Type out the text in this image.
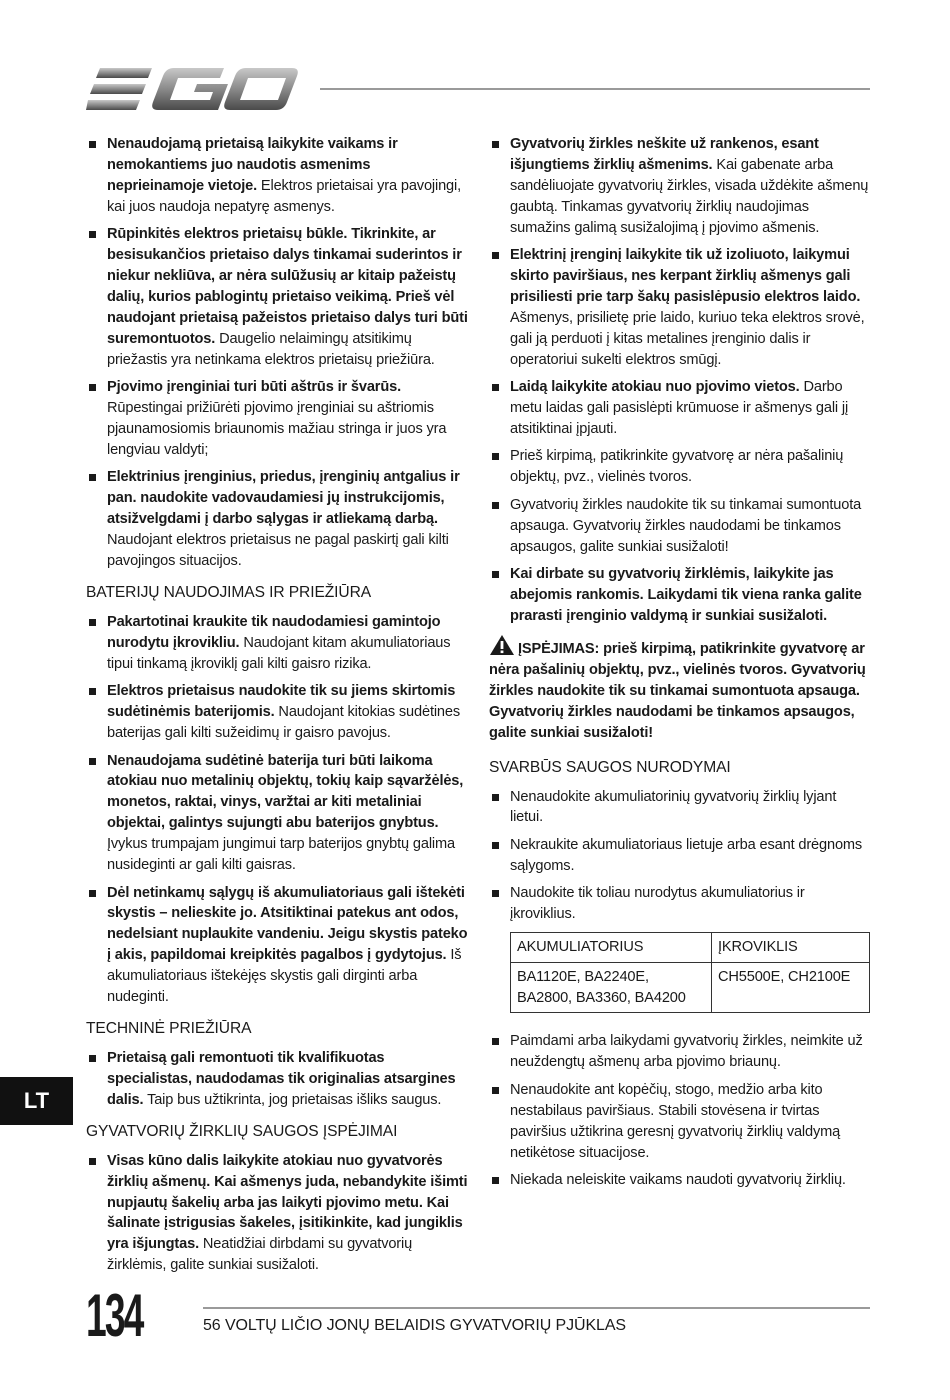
Nenaudojamą prietaisą laikykite vaikams ir nemokantiems juo naudotis asmenims neprieinamoje vietoje. Elektros prietaisai yra pavojingi, kai juos naudoja nepatyrę asmenys.
Rūpinkitės elektros prietaisų būkle. Tikrinkite, ar besisukančios prietaiso dalys tinkamai suderintos ir niekur neklіūva, ar nėra sulūžusių ar kitaip pažeistų dalių, kurios pablogintų prietaiso veikimą. Prieš vėl naudojant prietaisą pažeistos prietaiso dalys turi būti suremontuotos. Daugelio nelaimingų atsitikimų priežastis yra netinkama elektros prietaisų priežiūra.
Pjovimo įrenginiai turi būti aštrūs ir švarūs. Rūpestingai prižiūrėti pjovimo įrenginiai su aštriomis pjaunamosiomis briaunomis mažiau stringa ir juos yra lengviau valdyti;
Elektrinius įrenginius, priedus, įrenginių antgalius ir pan. naudokite vadovaudamiesi jų instrukcijomis, atsižvelgdami į darbo sąlygas ir atliekamą darbą. Naudojant elektros prietaisus ne pagal paskirtį gali kilti pavojingos situacijos.
BATERIJŲ NAUDOJIMAS IR PRIEŽIŪRA
Pakartotinai kraukite tik naudodamiesi gamintojo nurodytu įkrovikliu. Naudojant kitam akumuliatoriaus tipui tinkamą įkroviklį gali kilti gaisro rizika.
Elektros prietaisus naudokite tik su jiems skirtomis sudėtinėmis baterijomis. Naudojant kitokias sudėtines baterijas gali kilti sužeidimų ir gaisro pavojus.
Nenaudojama sudėtinė baterija turi būti laikoma atokiau nuo metalinių objektų, tokių kaip sąvaržėlės, monetos, raktai, vinys, varžtai ar kiti metaliniai objektai, galintys sujungti abu baterijos gnybtus. Įvykus trumpajam jungimui tarp baterijos gnybtų galima nusideginti ar gali kilti gaisras.
Dėl netinkamų sąlygų iš akumuliatoriaus gali ištekėti skystis – nelieskite jo. Atsitiktinai patekus ant odos, nedelsiant nuplaukite vandeniu. Jeigu skystis pateko į akis, papildomai kreipkitės pagalbos į gydytojus. Iš akumuliatoriaus ištekėjęs skystis gali dirginti arba nudeginti.
TECHNINĖ PRIEŽIŪRA
Prietaisą gali remontuoti tik kvalifikuotas specialistas, naudodamas tik originalias atsargines dalis. Taip bus užtikrinta, jog prietaisas išliks saugus.
GYVATVORIŲ ŽIRKLIŲ SAUGOS ĮSPĖJIMAI
Visas kūno dalis laikykite atokiau nuo gyvatvorės žirklių ašmenų. Kai ašmenys juda, nebandykite išimti nupjautų šakelių arba jas laikyti pjovimo metu. Kai šalinate įstrigusias šakeles, įsitikinkite, kad jungiklis yra išjungtas. Neatidžiai dirbdami su gyvatvorių žirklėmis, galite sunkiai susižaloti.
Gyvatvorių žirkles neškite už rankenos, esant išjungtiems žirklių ašmenims. Kai gabenate arba sandėliuojate gyvatvorių žirkles, visada uždėkite ašmenų gaubtą. Tinkamas gyvatvorių žirklių naudojimas sumažins galimą susižalojimą į pjovimo ašmenis.
Elektrinį įrenginį laikykite tik už izoliuoto, laikymui skirto paviršiaus, nes kerpant žirklių ašmenys gali prisiliesti prie tarp šakų pasislėpusio elektros laido. Ašmenys, prisilietę prie laido, kuriuo teka elektros srovė, gali ją perduoti į kitas metalines įrenginio dalis ir operatoriui sukelti elektros smūgį.
Laidą laikykite atokiau nuo pjovimo vietos. Darbo metu laidas gali pasislėpti krūmuose ir ašmenys gali jį atsitiktinai įpjauti.
Prieš kirpimą, patikrinkite gyvatvorę ar nėra pašalinių objektų, pvz., vielinės tvoros.
Gyvatvorių žirkles naudokite tik su tinkamai sumontuota apsauga. Gyvatvorių žirkles naudodami be tinkamos apsaugos, galite sunkiai susižaloti!
Kai dirbate su gyvatvorių žirklėmis, laikykite jas abejomis rankomis. Laikydami tik viena ranka galite prarasti įrenginio valdymą ir sunkiai susižaloti.

ĮSPĖJIMAS: prieš kirpimą, patikrinkite gyvatvorę ar nėra pašalinių objektų, pvz., vielinės tvoros. Gyvatvorių žirkles naudokite tik su tinkamai sumontuota apsauga. Gyvatvorių žirkles naudodami be tinkamos apsaugos, galite sunkiai susižaloti!

SVARBŪS SAUGOS NURODYMAI
Nenaudokite akumuliatorinių gyvatvorių žirklių lyjant lietui.
Nekraukite akumuliatoriaus lietuje arba esant drėgnoms sąlygoms.
Naudokite tik toliau nurodytus akumuliatorius ir įkroviklius.
AKUMULIATORIUS	ĮKROVIKLIS
BA1120E, BA2240E, BA2800, BA3360, BA4200	CH5500E, CH2100E
Paimdami arba laikydami gyvatvorių žirkles, neimkite už neuždengtų ašmenų arba pjovimo briaunų.
Nenaudokite ant kopėčių, stogo, medžio arba kito nestabilaus paviršiaus. Stabili stovėsena ir tvirtas paviršius užtikrina geresnį gyvatvorių žirklių valdymą netikėtose situacijose.
Niekada neleiskite vaikams naudoti gyvatvorių žirklių.
LT
134	56 VOLTŲ LIČIO JONŲ BELAIDIS GYVATVORIŲ PJŪKLAS
